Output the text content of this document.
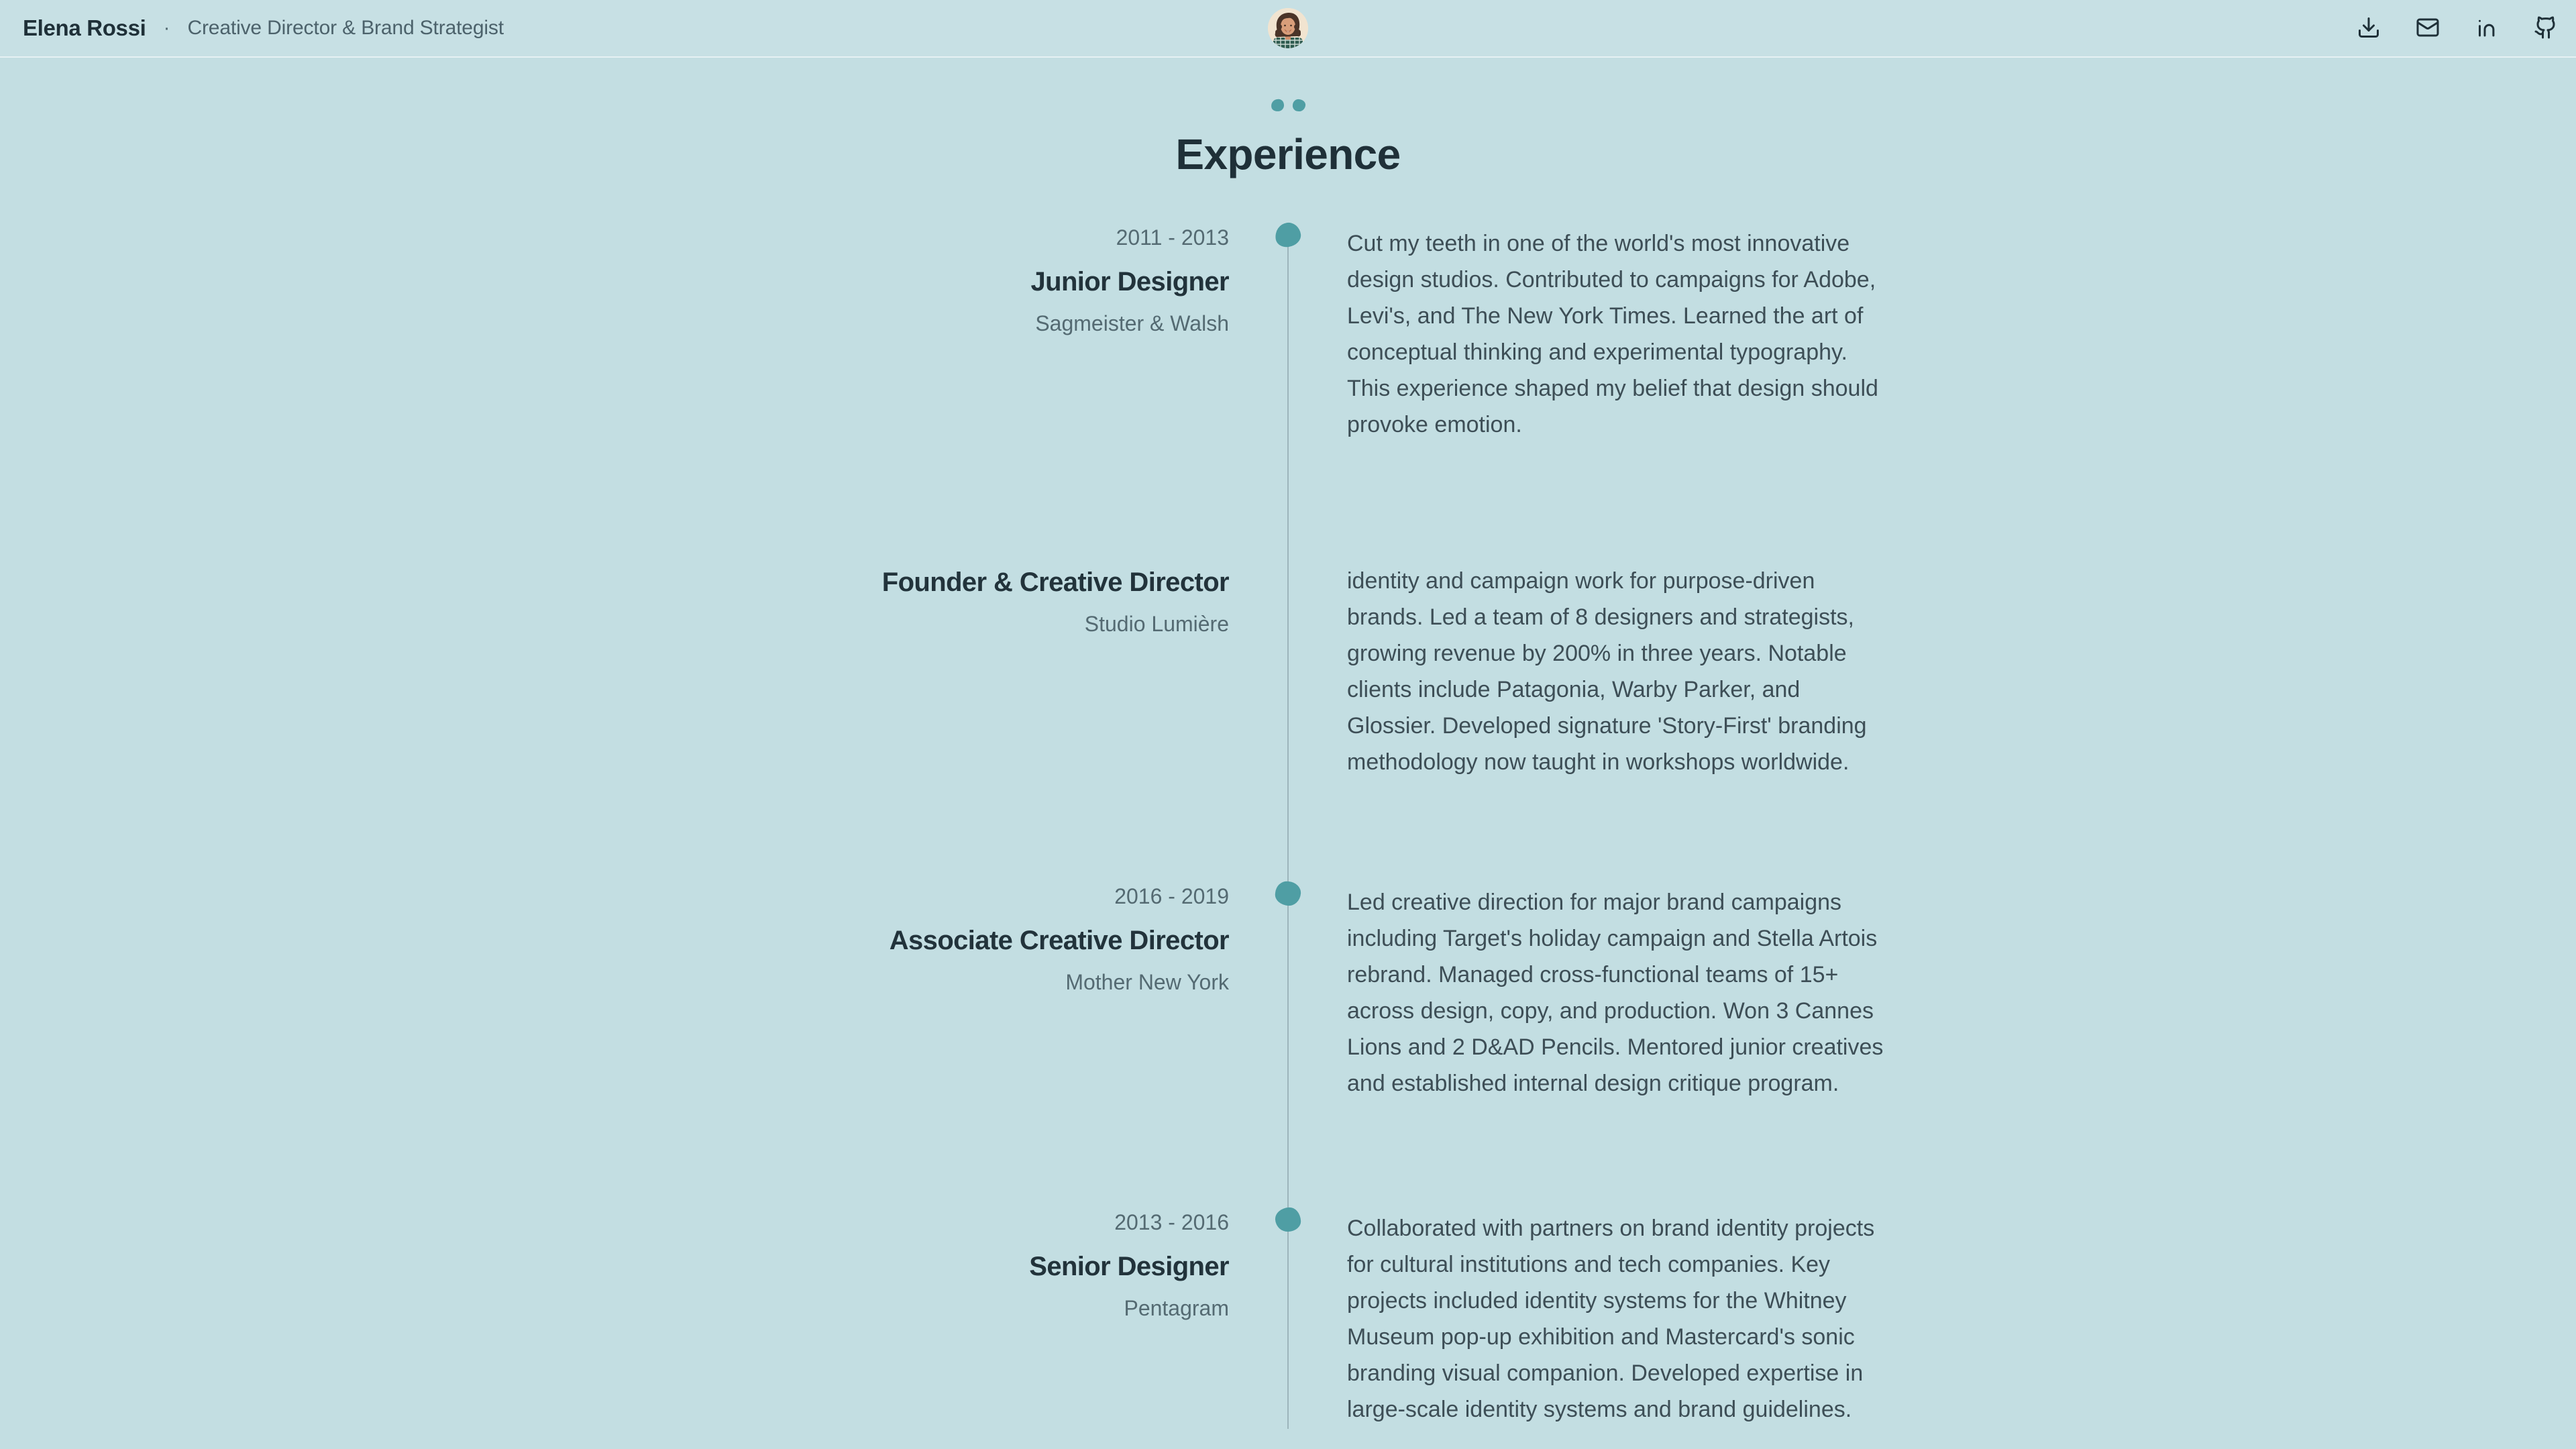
Elena Rossi · Creative Director & Brand Strategist
Experience
Founder & Creative Director
Studio Lumière

identity and campaign work for purpose-driven brands. Led a team of 8 designers and strategists, growing revenue by 200% in three years. Notable clients include Patagonia, Warby Parker, and Glossier. Developed signature 'Story-First' branding methodology now taught in workshops worldwide.

2016 - 2019
Associate Creative Director
Mother New York

Led creative direction for major brand campaigns including Target's holiday campaign and Stella Artois rebrand. Managed cross-functional teams of 15+ across design, copy, and production. Won 3 Cannes Lions and 2 D&AD Pencils. Mentored junior creatives and established internal design critique program.

2013 - 2016
Senior Designer
Pentagram

Collaborated with partners on brand identity projects for cultural institutions and tech companies. Key projects included identity systems for the Whitney Museum pop-up exhibition and Mastercard's sonic branding visual companion. Developed expertise in large-scale identity systems and brand guidelines.

2011 - 2013
Junior Designer
Sagmeister & Walsh

Cut my teeth in one of the world's most innovative design studios. Contributed to campaigns for Adobe, Levi's, and The New York Times. Learned the art of conceptual thinking and experimental typography. This experience shaped my belief that design should provoke emotion.
